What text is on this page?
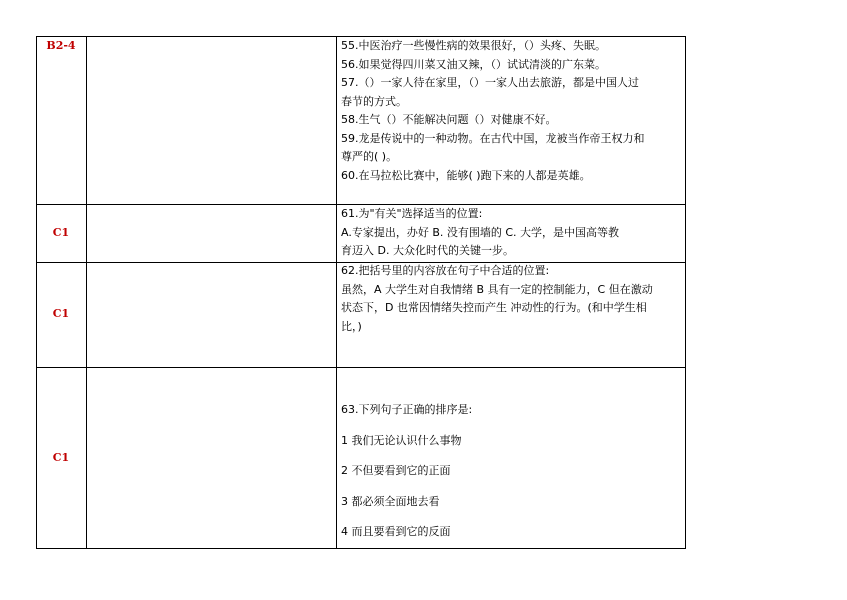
B2-4	55.中医治疗一些慢性病的效果很好，（）头疼、失眠。
56.如果觉得四川菜又油又辣，（）试试清淡的广东菜。
57.（）一家人待在家里，（）一家人出去旅游，都是中国人过
春节的方式。
58.生气（）不能解决问题（）对健康不好。
59.龙是传说中的一种动物。在古代中国，龙被当作帝王权力和
尊严的( )。
60.在马拉松比赛中，能够( )跑下来的人都是英雄。
C1
61.为"有关"选择适当的位置:
A.专家提出，办好 B. 没有围墙的 C. 大学，是中国高等教
育迈入 D. 大众化时代的关键一步。
C1
62.把括号里的内容放在句子中合适的位置:
虽然，A 大学生对自我情绪 B 具有一定的控制能力，C 但在激动
状态下，D 也常因情绪失控而产生 冲动性的行为。(和中学生相
比，)
C1
63.下列句子正确的排序是:
1 我们无论认识什么事物
2 不但要看到它的正面
3 都必须全面地去看
4 而且要看到它的反面
